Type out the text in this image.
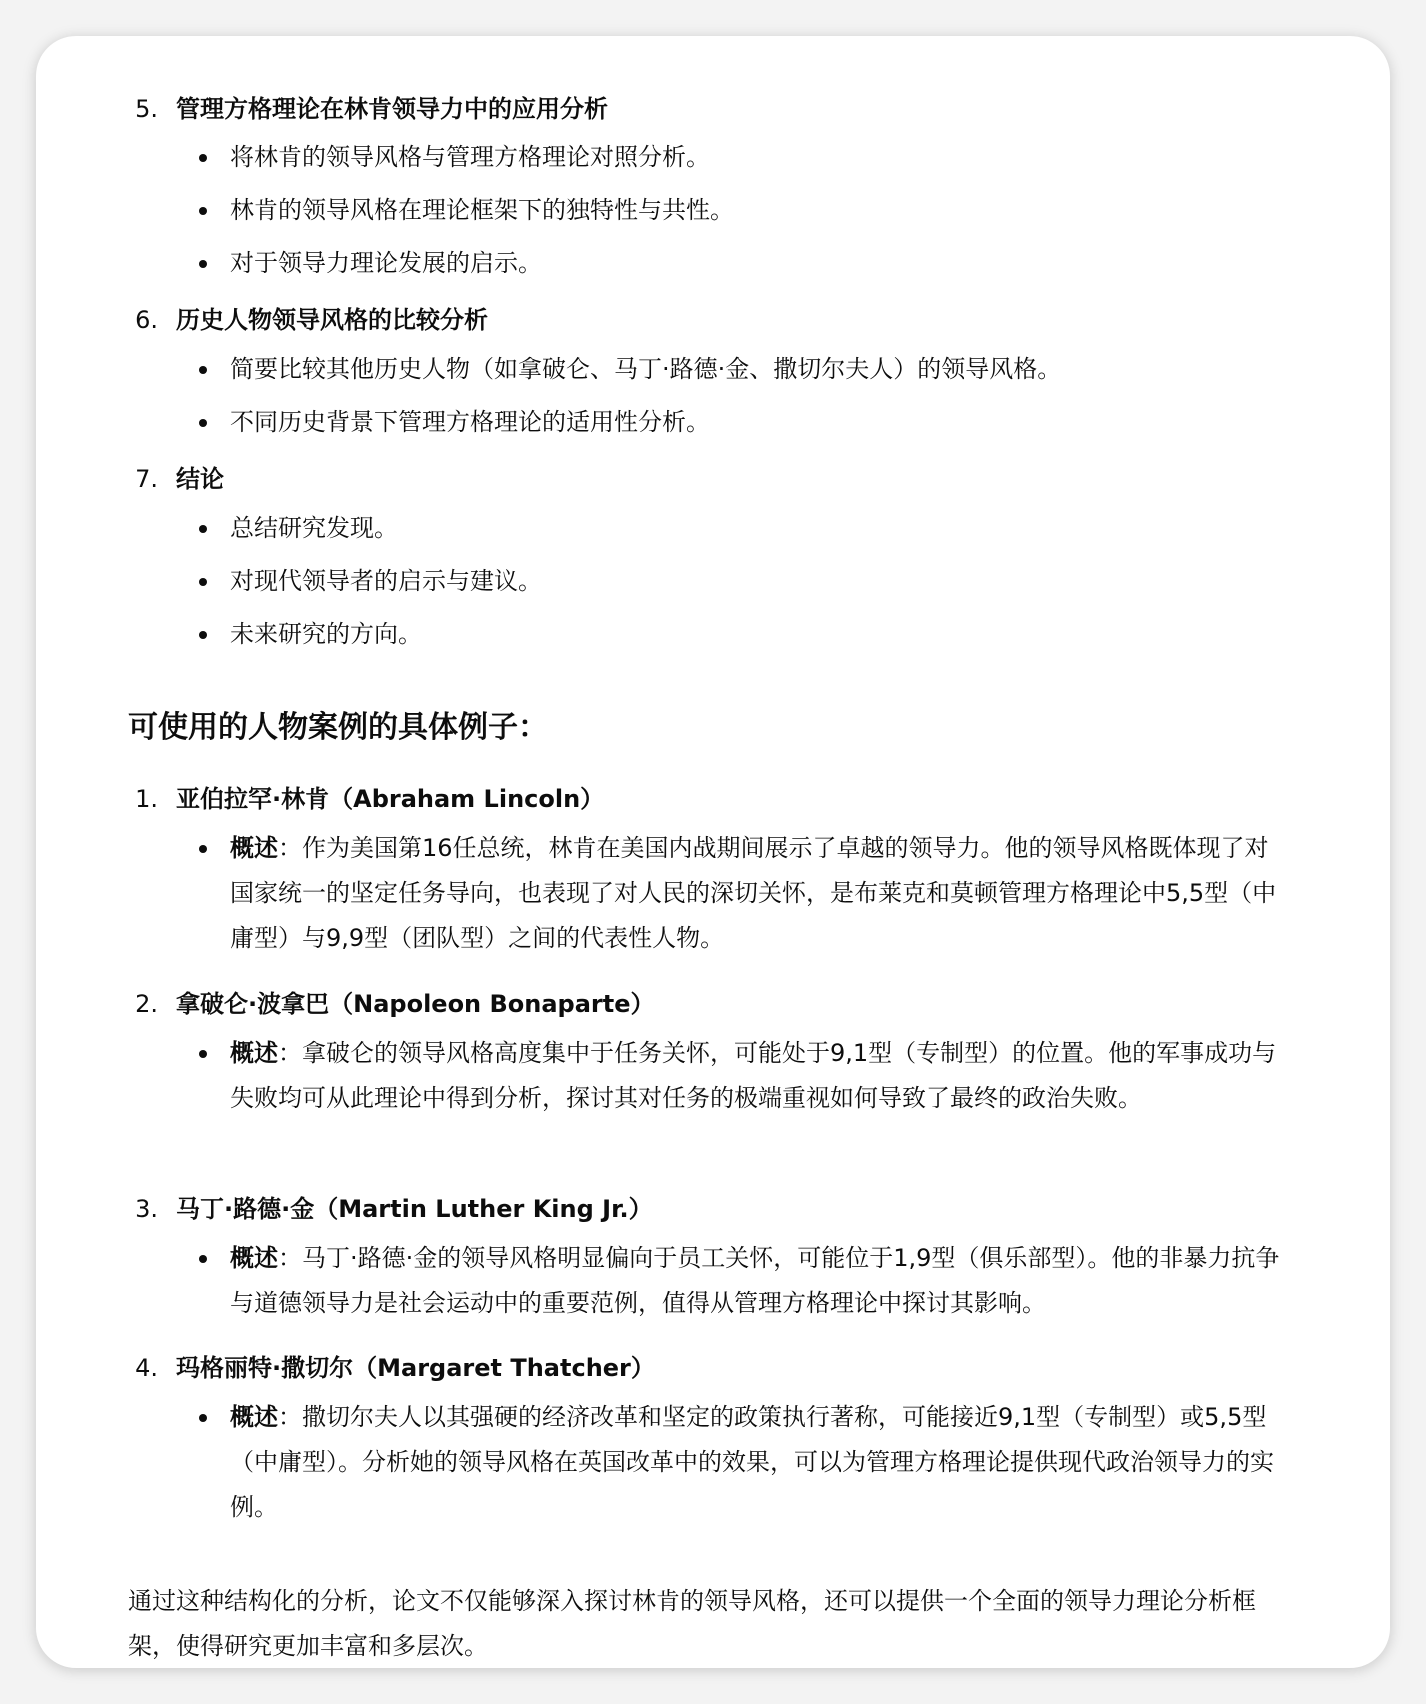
5. 管理方格理论在林肯领导力中的应用分析
将林肯的领导风格与管理方格理论对照分析。
林肯的领导风格在理论框架下的独特性与共性。
对于领导力理论发展的启示。
6. 历史人物领导风格的比较分析
简要比较其他历史人物（如拿破仑、马丁·路德·金、撒切尔夫人）的领导风格。
不同历史背景下管理方格理论的适用性分析。
7. 结论
总结研究发现。
对现代领导者的启示与建议。
未来研究的方向。
可使用的人物案例的具体例子：
1. 亚伯拉罕·林肯（Abraham Lincoln）
概述：作为美国第16任总统，林肯在美国内战期间展示了卓越的领导力。他的领导风格既体现了对国家统一的坚定任务导向，也表现了对人民的深切关怀，是布莱克和莫顿管理方格理论中5,5型（中庸型）与9,9型（团队型）之间的代表性人物。
2. 拿破仑·波拿巴（Napoleon Bonaparte）
概述：拿破仑的领导风格高度集中于任务关怀，可能处于9,1型（专制型）的位置。他的军事成功与失败均可从此理论中得到分析，探讨其对任务的极端重视如何导致了最终的政治失败。
3. 马丁·路德·金（Martin Luther King Jr.）
概述：马丁·路德·金的领导风格明显偏向于员工关怀，可能位于1,9型（俱乐部型）。他的非暴力抗争与道德领导力是社会运动中的重要范例，值得从管理方格理论中探讨其影响。
4. 玛格丽特·撒切尔（Margaret Thatcher）
概述：撒切尔夫人以其强硬的经济改革和坚定的政策执行著称，可能接近9,1型（专制型）或5,5型（中庸型）。分析她的领导风格在英国改革中的效果，可以为管理方格理论提供现代政治领导力的实例。
通过这种结构化的分析，论文不仅能够深入探讨林肯的领导风格，还可以提供一个全面的领导力理论分析框架，使得研究更加丰富和多层次。
